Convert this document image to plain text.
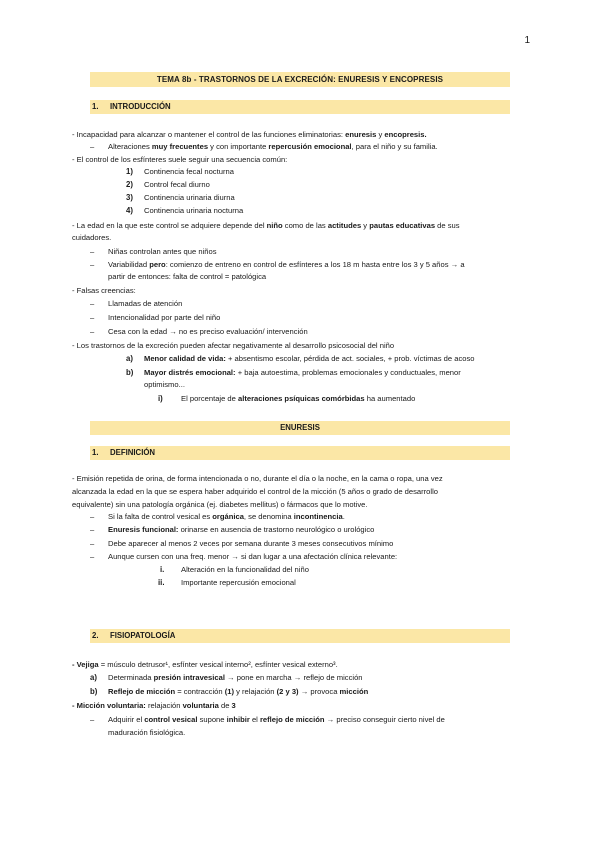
1
TEMA 8b - TRASTORNOS DE LA EXCRECIÓN: ENURESIS Y ENCOPRESIS
1. INTRODUCCIÓN
- Incapacidad para alcanzar o mantener el control de las funciones eliminatorias: enuresis y encopresis.
– Alteraciones muy frecuentes y con importante repercusión emocional, para el niño y su familia.
- El control de los esfínteres suele seguir una secuencia común:
1) Continencia fecal nocturna
2) Control fecal diurno
3) Continencia urinaria diurna
4) Continencia urinaria nocturna
- La edad en la que este control se adquiere depende del niño como de las actitudes y pautas educativas de sus
cuidadores.
– Niñas controlan antes que niños
– Variabilidad pero: comienzo de entreno en control de esfínteres a los 18 m hasta entre los 3 y 5 años → a
partir de entonces: falta de control = patológica
- Falsas creencias:
– Llamadas de atención
– Intencionalidad por parte del niño
– Cesa con la edad → no es preciso evaluación/ intervención
- Los trastornos de la excreción pueden afectar negativamente al desarrollo psicosocial del niño
a) Menor calidad de vida: + absentismo escolar, pérdida de act. sociales, + prob. víctimas de acoso
b) Mayor distrés emocional: + baja autoestima, problemas emocionales y conductuales, menor
optimismo...
i) El porcentaje de alteraciones psíquicas comórbidas ha aumentado
ENURESIS
1. DEFINICIÓN
- Emisión repetida de orina, de forma intencionada o no, durante el día o la noche, en la cama o ropa, una vez
alcanzada la edad en la que se espera haber adquirido el control de la micción (5 años o grado de desarrollo
equivalente) sin una patología orgánica (ej. diabetes mellitus) o fármacos que lo motive.
– Si la falta de control vesical es orgánica, se denomina incontinencia.
– Enuresis funcional: orinarse en ausencia de trastorno neurológico o urológico
– Debe aparecer al menos 2 veces por semana durante 3 meses consecutivos mínimo
– Aunque cursen con una freq. menor → si dan lugar a una afectación clínica relevante:
i. Alteración en la funcionalidad del niño
ii. Importante repercusión emocional
2. FISIOPATOLOGÍA
- Vejiga = músculo detrusor¹, esfínter vesical interno², esfínter vesical externo³.
a) Determinada presión intravesical → pone en marcha → reflejo de micción
b) Reflejo de micción = contracción (1) y relajación (2 y 3) → provoca micción
- Micción voluntaria: relajación voluntaria de 3
– Adquirir el control vesical supone inhibir el reflejo de micción → preciso conseguir cierto nivel de
maduración fisiológica.
